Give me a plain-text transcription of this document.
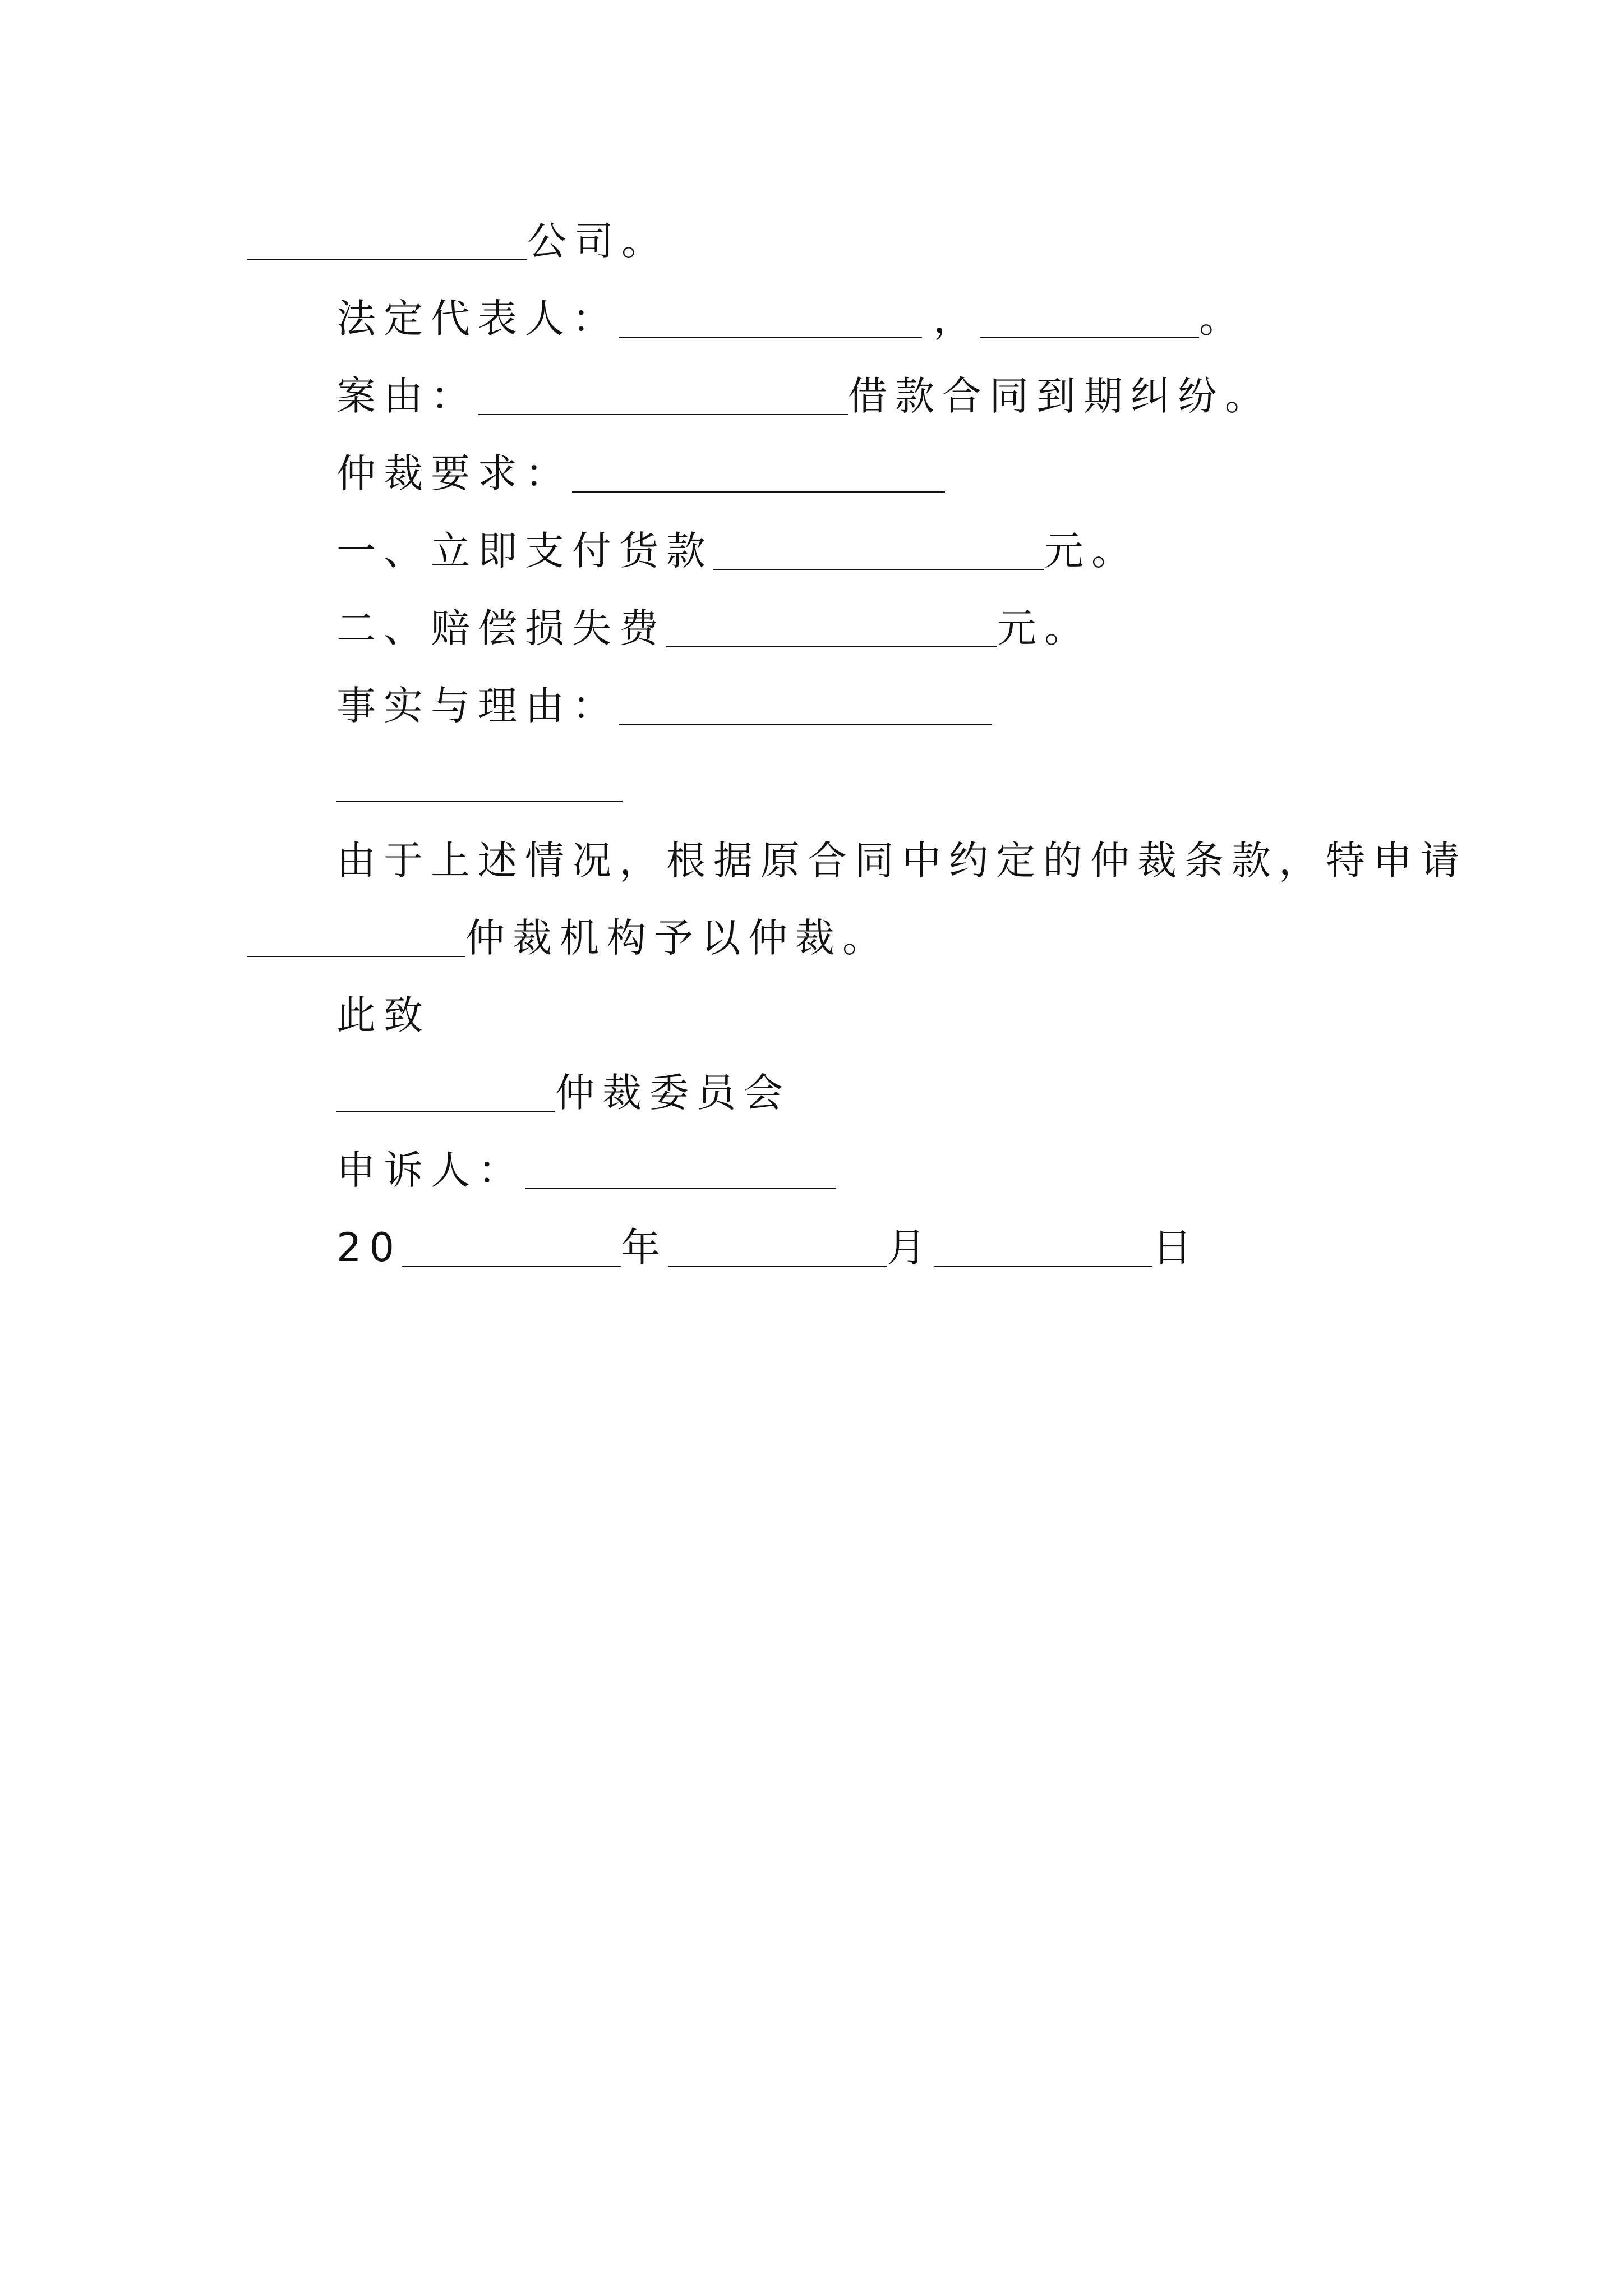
公司。
法定代表人：	，	。
案由：	借款合同到期纠纷。
仲裁要求：
一、立即支付货款	元。
二、赔偿损失费	元。
事实与理由：
由于上述情况，根据原合同中约定的仲裁条款，特申请
仲裁机构予以仲裁。
此致
仲裁委员会
申诉人：
20	年	月	日
